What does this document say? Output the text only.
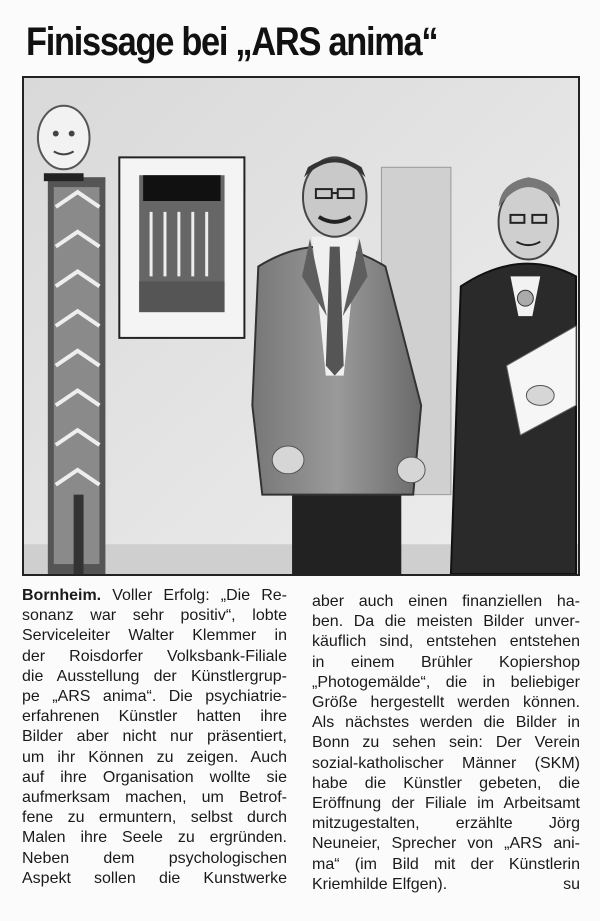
Finissage bei „ARS anima“
Bornheim. Voller Erfolg: „Die Re-
sonanz war sehr positiv“, lobte
Serviceleiter Walter Klemmer in
der Roisdorfer Volksbank-Filiale
die Ausstellung der Künstlergrup-
pe „ARS anima“. Die psychiatrie-
erfahrenen Künstler hatten ihre
Bilder aber nicht nur präsentiert,
um ihr Können zu zeigen. Auch
auf ihre Organisation wollte sie
aufmerksam machen, um Betrof-
fene zu ermuntern, selbst durch
Malen ihre Seele zu ergründen.
Neben dem psychologischen
Aspekt sollen die Kunstwerke
aber auch einen finanziellen ha-
ben. Da die meisten Bilder unver-
käuflich sind, entstehen entstehen
in einem Brühler Kopiershop
„Photogemälde“, die in beliebiger
Größe hergestellt werden können.
Als nächstes werden die Bilder in
Bonn zu sehen sein: Der Verein
sozial-katholischer Männer (SKM)
habe die Künstler gebeten, die
Eröffnung der Filiale im Arbeitsamt
mitzugestalten, erzählte Jörg
Neuneier, Sprecher von „ARS ani-
ma“ (im Bild mit der Künstlerin
Kriemhilde Elfgen).	su
